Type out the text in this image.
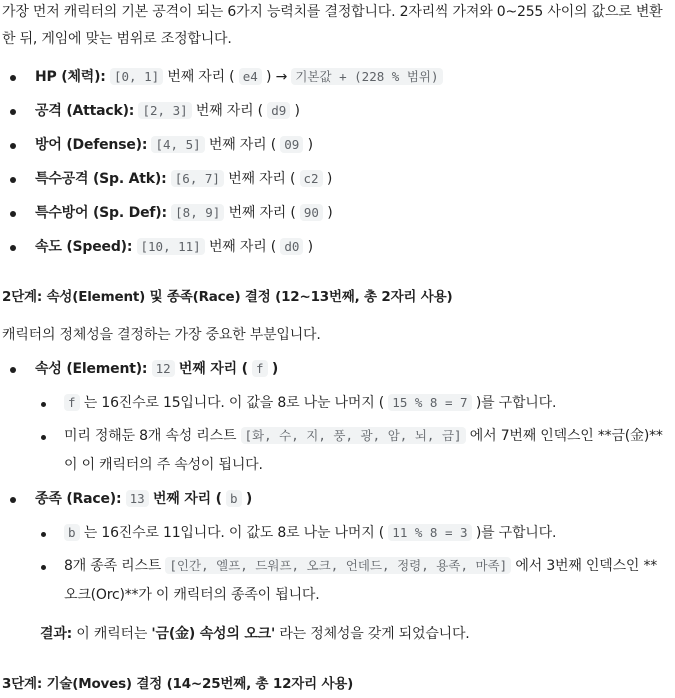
가장 먼저 캐릭터의 기본 공격이 되는 6가지 능력치를 결정합니다. 2자리씩 가져와 0~255 사이의 값으로 변환한 뒤, 게임에 맞는 범위로 조정합니다.

HP (체력): [0, 1] 번째 자리 ( e4 ) → 기본값 + (228 % 범위)
공격 (Attack): [2, 3] 번째 자리 ( d9 )
방어 (Defense): [4, 5] 번째 자리 ( 09 )
특수공격 (Sp. Atk): [6, 7] 번째 자리 ( c2 )
특수방어 (Sp. Def): [8, 9] 번째 자리 ( 90 )
속도 (Speed): [10, 11] 번째 자리 ( d0 )

2단계: 속성(Element) 및 종족(Race) 결정 (12~13번째, 총 2자리 사용)

캐릭터의 정체성을 결정하는 가장 중요한 부분입니다.

속성 (Element): 12 번째 자리 ( f )
f 는 16진수로 15입니다. 이 값을 8로 나눈 나머지 ( 15 % 8 = 7 )를 구합니다.
미리 정해둔 8개 속성 리스트 [화, 수, 지, 풍, 광, 암, 뇌, 금] 에서 7번째 인덱스인 **금(金)**이 이 캐릭터의 주 속성이 됩니다.
종족 (Race): 13 번째 자리 ( b )
b 는 16진수로 11입니다. 이 값도 8로 나눈 나머지 ( 11 % 8 = 3 )를 구합니다.
8개 종족 리스트 [인간, 엘프, 드워프, 오크, 언데드, 정령, 용족, 마족] 에서 3번째 인덱스인 **오크(Orc)**가 이 캐릭터의 종족이 됩니다.

결과: 이 캐릭터는 '금(金) 속성의 오크' 라는 정체성을 갖게 되었습니다.

3단계: 기술(Moves) 결정 (14~25번째, 총 12자리 사용)
